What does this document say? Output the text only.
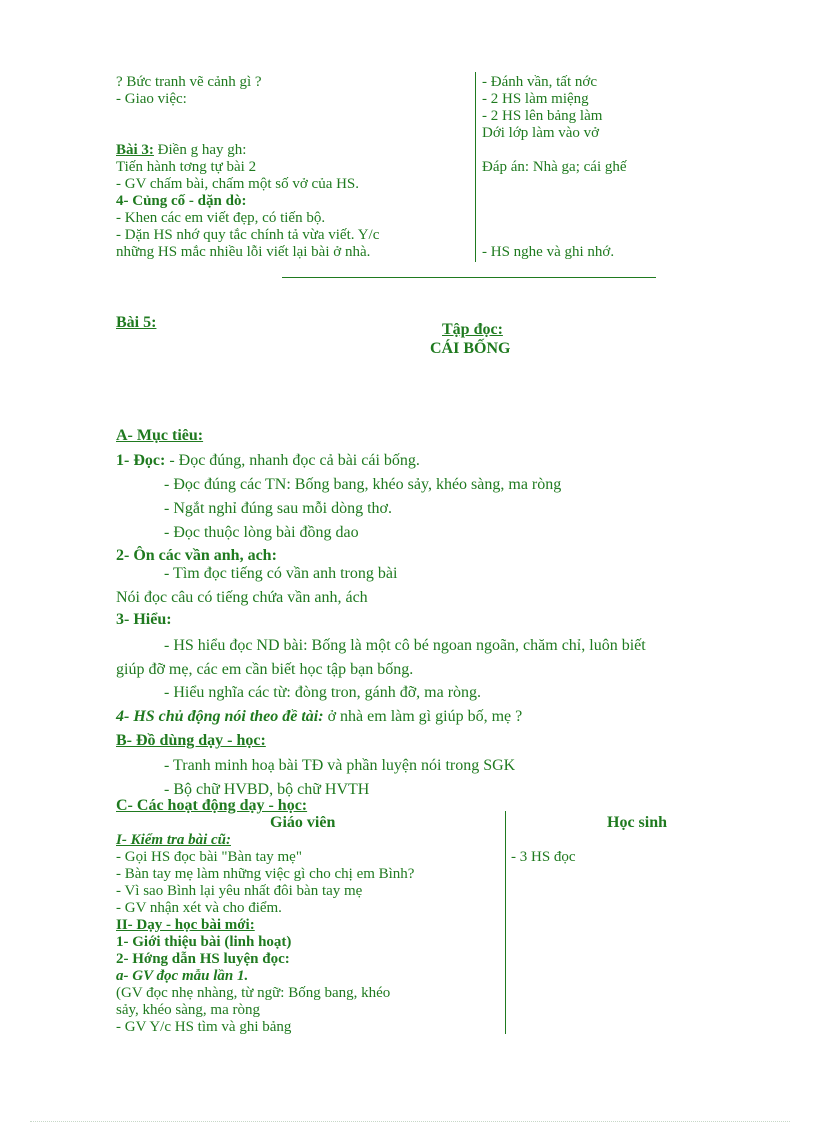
? Bức tranh vẽ cảnh gì ?
- Giao việc:
Bài 3: Điền g hay gh:
Tiến hành tơng tự bài 2
- GV chấm bài, chấm một số vở của HS.
4- Củng cố - dặn dò:
- Khen các em viết đẹp, có tiến bộ.
- Dặn HS nhớ quy tắc chính tả vừa viết. Y/c
những HS mắc nhiều lỗi viết lại bài ở nhà.
- Đánh vần, tất nớc
- 2 HS làm miệng
- 2 HS lên bảng làm
Dới lớp làm vào vở
Đáp án: Nhà ga; cái ghế
- HS nghe và ghi nhớ.
Bài 5:	Tập đọc:
CÁI BỐNG
A- Mục tiêu:
1- Đọc: - Đọc đúng, nhanh đọc cả bài cái bống.
- Đọc đúng các TN: Bống bang, khéo sảy, khéo sàng, ma ròng
- Ngắt nghỉ đúng sau mỗi dòng thơ.
- Đọc thuộc lòng bài đồng dao
2- Ôn các vần anh, ach:
- Tìm đọc tiếng có vần anh trong bài
Nói đọc câu có tiếng chứa vần anh, ách
3- Hiểu:
- HS hiểu đọc ND bài: Bống là một cô bé ngoan ngoãn, chăm chỉ, luôn biết
giúp đỡ mẹ, các em cần biết học tập bạn bống.
- Hiểu nghĩa các từ: đòng tron, gánh đỡ, ma ròng.
4- HS chủ động nói theo đề tài: ở nhà em làm gì giúp bố, mẹ ?
B- Đồ dùng dạy - học:
- Tranh minh hoạ bài TĐ và phần luyện nói trong SGK
- Bộ chữ HVBD, bộ chữ HVTH
C- Các hoạt động dạy - học:
Giáo viên	Học sinh
I- Kiểm tra bài cũ:
- Gọi HS đọc bài "Bàn tay mẹ"
- Bàn tay mẹ làm những việc gì cho chị em Bình?
- Vì sao Bình lại yêu nhất đôi bàn tay mẹ
- GV nhận xét và cho điểm.
- 3 HS đọc
II- Dạy - học bài mới:
1- Giới thiệu bài (linh hoạt)
2- Hớng dẫn HS luyện đọc:
a- GV đọc mẫu lần 1.
(GV đọc nhẹ nhàng, từ ngữ: Bống bang, khéo
sảy, khéo sàng, ma ròng
- GV Y/c HS tìm và ghi bảng
